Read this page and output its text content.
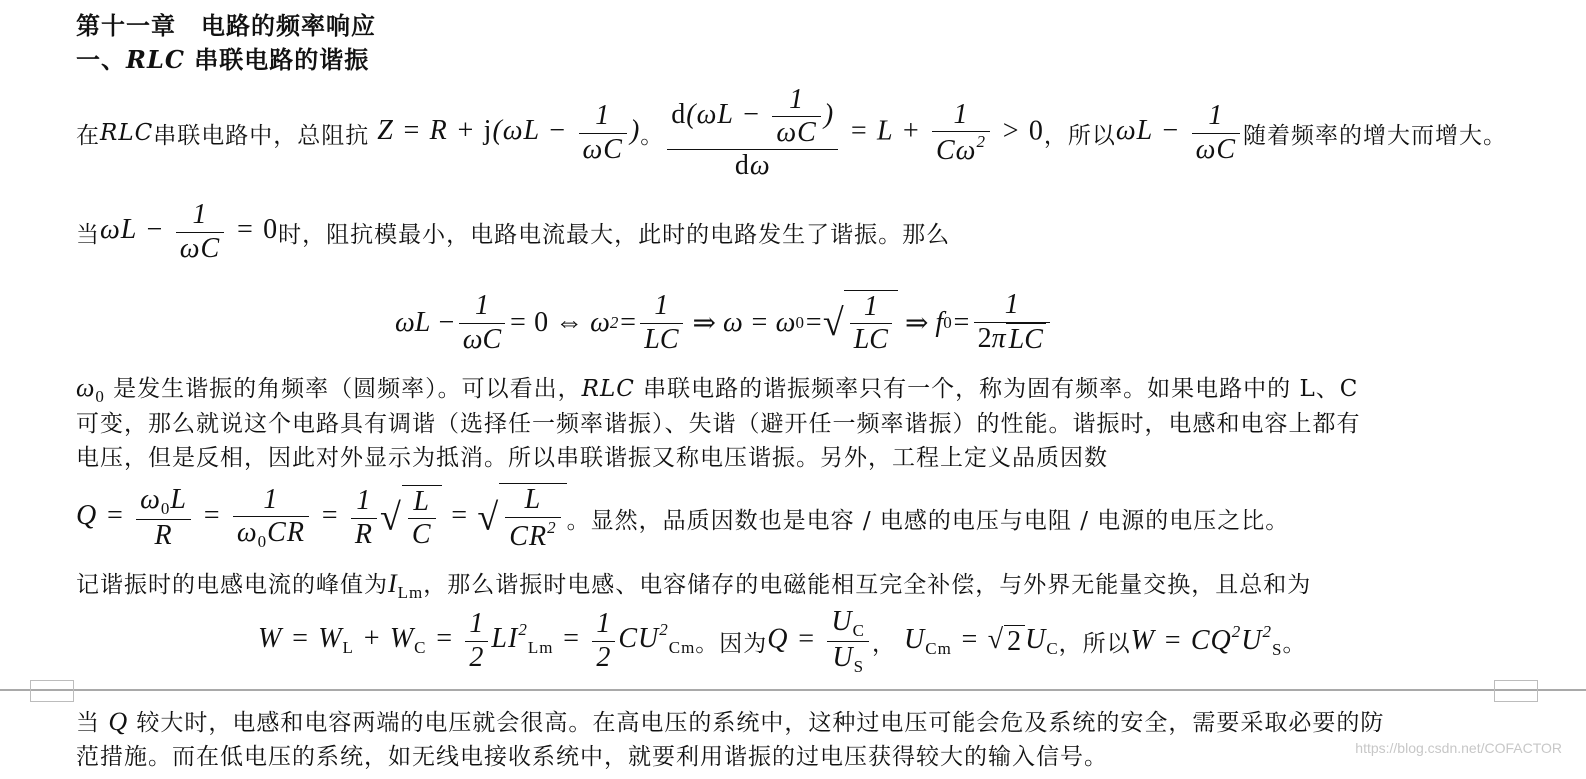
第十一章　电路的频率响应
一、RLC 串联电路的谐振
在 RLC 串联电路中，总阻抗 $Z = R + j(\omega L - \frac{1}{\omega C}$ ) 。 $\frac{d(\omega L - \frac{1}{\omega C} )}{d\omega} = L + \frac{1}{C\omega^2} > 0$ ，所以 $\omega L - \frac{1}{\omega C}$ 随着频率的增大而增大。
当 $\omega L - \frac{1}{\omega C} = 0$ 时，阻抗模最小，电路电流最大，此时的电路发生了谐振。那么
$\omega L - \frac{1}{\omega C} = 0$ ⇔ ω $2 = \frac{1}{LC}$ ⇒ ω = ω 0 = √ $\frac{1}{LC}$ ⇒ f $0 = \frac{1}{\text{2π LC}}$
$\omega_0$ 是发生谐振的角频率（圆频率）。可以看出，RLC 串联电路的谐振频率只有一个，称为固有频率。如果电路中的 L、C
可变，那么就说这个电路具有调谐（选择任一频率谐振）、失谐（避开任一频率谐振）的性能。谐振时，电感和电容上都有
电压，但是反相，因此对外显示为抵消。所以串联谐振又称电压谐振。另外，工程上定义品质因数
$Q = \frac{\omega_0L}{R} = \frac{1}{\omega_0CR} = \frac{1}{R}$ √ $\frac{L}{C}$ = √ $\frac{L}{CR^2}$ 。显然，品质因数也是电容 / 电感的电压与电阻 / 电源的电压之比。
记谐振时的电感电流的峰值为$I_{Lm}$，那么谐振时电感、电容储存的电磁能相互完全补偿，与外界无能量交换，且总和为
$W = W_L + W_C = \frac{1}{2} LI^2_{Lm} = \frac{1}{2} CU^2_{Cm}$ 。因为 $Q = \frac{U_C}{U_S}$ ， $U_{Cm}$ = √ 2 $U_C$ ，所以 $W = CQ^2U^2_S$ 。
当 Q 较大时，电感和电容两端的电压就会很高。在高电压的系统中，这种过电压可能会危及系统的安全，需要采取必要的防
范措施。而在低电压的系统，如无线电接收系统中，就要利用谐振的过电压获得较大的输入信号。	https://blog.csdn.net/COFACTOR
